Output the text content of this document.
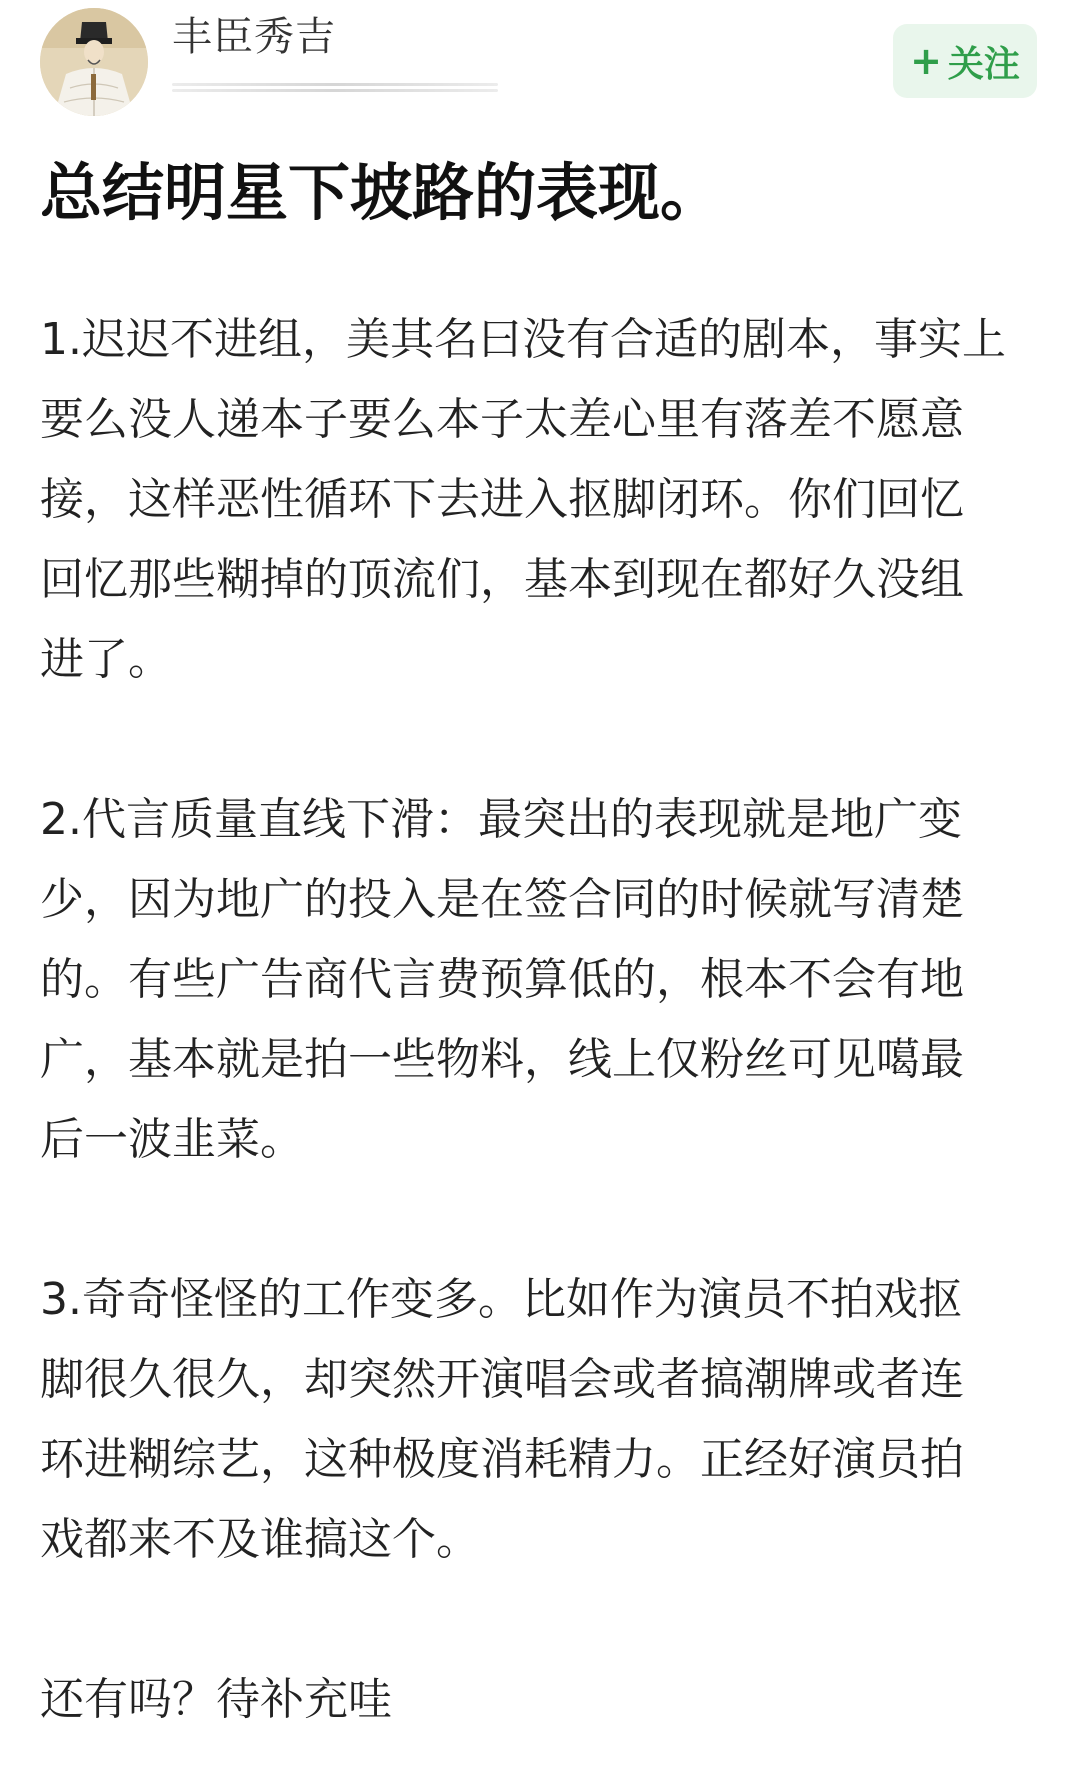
丰臣秀吉
+ 关注
总结明星下坡路的表现。

1.迟迟不进组，美其名曰没有合适的剧本，事实上
要么没人递本子要么本子太差心里有落差不愿意
接，这样恶性循环下去进入抠脚闭环。你们回忆
回忆那些糊掉的顶流们，基本到现在都好久没组
进了。

2.代言质量直线下滑：最突出的表现就是地广变
少，因为地广的投入是在签合同的时候就写清楚
的。有些广告商代言费预算低的，根本不会有地
广，基本就是拍一些物料，线上仅粉丝可见噶最
后一波韭菜。

3.奇奇怪怪的工作变多。比如作为演员不拍戏抠
脚很久很久，却突然开演唱会或者搞潮牌或者连
环进糊综艺，这种极度消耗精力。正经好演员拍
戏都来不及谁搞这个。

还有吗？待补充哇
